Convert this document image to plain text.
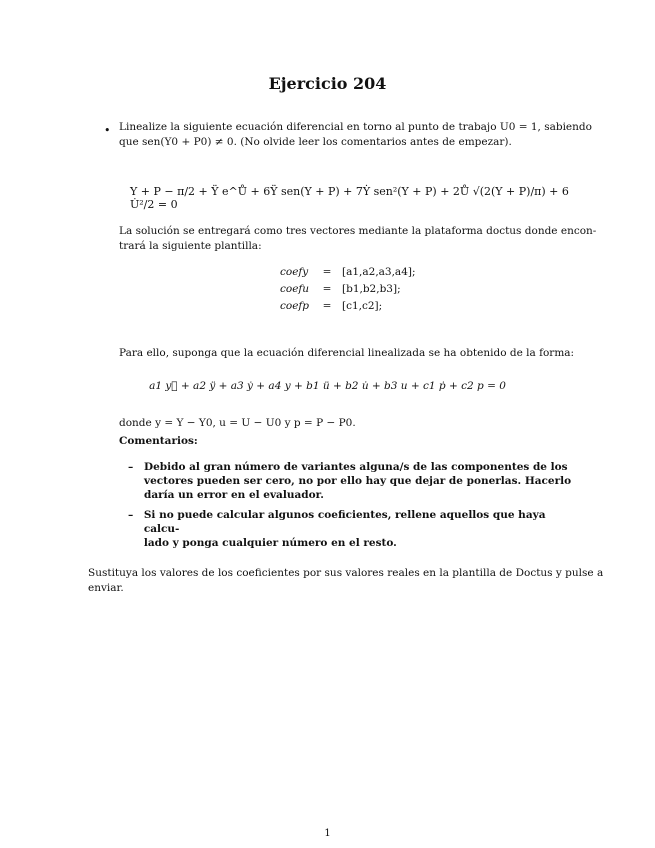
Ejercicio 204
• Linealize la siguiente ecuación diferencial en torno al punto de trabajo U0 = 1, sabiendo
que sen(Y0 + P0) ≠ 0. (No olvide leer los comentarios antes de empezar).
Y + P − π/2 + Ÿ e^Ů + 6Ÿ sen(Y + P) + 7Ẏ sen²(Y + P) + 2Ů √(2(Y + P)/π) + 6 U̇²/2 = 0
La solución se entregará como tres vectores mediante la plataforma doctus donde encon-
trará la siguiente plantilla:
coefy	= [a1,a2,a3,a4];
coefu = [b1,b2,b3];
coefp = [c1,c2];
Para ello, suponga que la ecuación diferencial linealizada se ha obtenido de la forma:
a1 y⃛ + a2 ÿ + a3 ẏ + a4 y + b1 ü + b2 u̇ + b3 u + c1 ṗ + c2 p = 0
donde y = Y − Y0, u = U − U0 y p = P − P0.
Comentarios:
– Debido al gran número de variantes alguna/s de las componentes de los
vectores pueden ser cero, no por ello hay que dejar de ponerlas. Hacerlo
daría un error en el evaluador.
– Si no puede calcular algunos coeficientes, rellene aquellos que haya calcu-
lado y ponga cualquier número en el resto.
Sustituya los valores de los coeficientes por sus valores reales en la plantilla de Doctus y pulse a
enviar.
1
